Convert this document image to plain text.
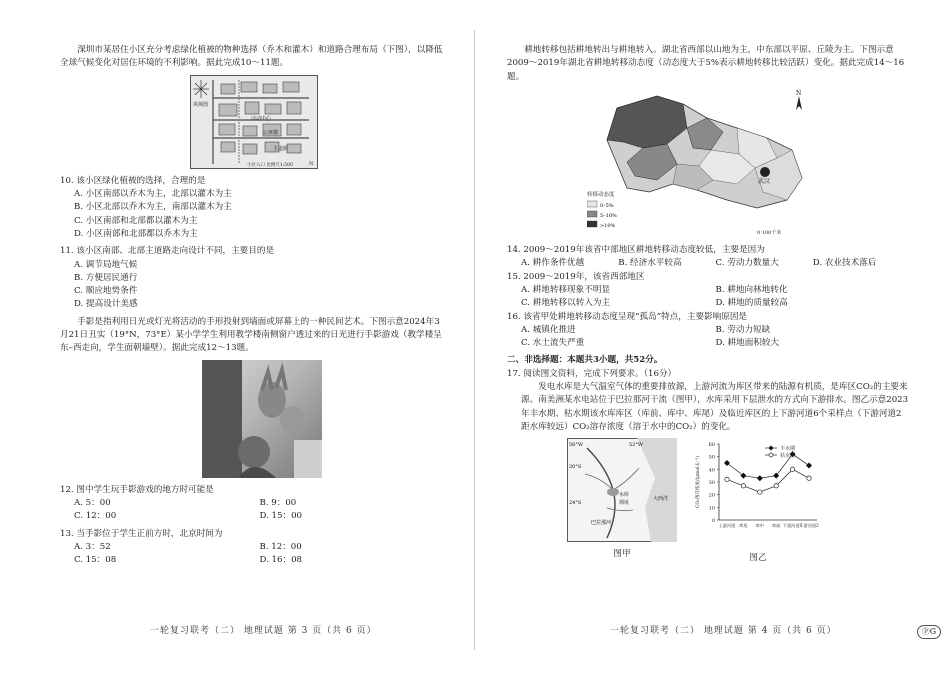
深圳市某居住小区充分考虑绿化植被的物种选择（乔木和灌木）和道路合理布局（下图），以降低全球气候变化对居住环境的不利影响。据此完成10～11题。

风频图
活动中心
公寓楼
主道路
小区入口 比例尺1:500	N

10. 该小区绿化植被的选择，合理的是

A. 小区南部以乔木为主，北部以灌木为主

B. 小区北部以乔木为主，南部以灌木为主

C. 小区南部和北部都以灌木为主

D. 小区南部和北部都以乔木为主

11. 该小区南部、北部主道路走向设计不同，主要目的是

A. 调节局地气候

B. 方便居民通行

C. 顺应地势条件

D. 提高设计美感

手影是指利用日光或灯光将活动的手形投射到墙面或屏幕上的一种民间艺术。下图示意2024年3月21日丑实（19°N，73°E）某小学学生利用教学楼南侧窗户透过来的日光进行手影游戏（教学楼呈东–西走向，学生面朝墙壁）。据此完成12～13题。

12. 图中学生玩手影游戏的地方时可能是

A. 5：00	B. 9：00

C. 12：00	D. 15：00

13. 当手影位于学生正前方时，北京时间为

A. 3：52	B. 12：00

C. 15：08	D. 16：08

一轮复习联考（二） 地理试题 第 3 页（共 6 页）

耕地转移包括耕地转出与耕地转入。湖北省西部以山地为主，中东部以平原、丘陵为主。下图示意2009～2019年湖北省耕地转移动态度（动态度大于5%表示耕地转移比较活跃）变化。据此完成14～16题。

武汉
N
0 100千米
转移动态度
0–5%
5–10%
>10%

14. 2009～2019年该省中部地区耕地转移动态度较低，主要是因为

A. 耕作条件优越	B. 经济水平较高	C. 劳动力数量大	D. 农业技术落后

15. 2009～2019年，该省西部地区

A. 耕地转移现象不明显	B. 耕地向林地转化

C. 耕地转移以转入为主	D. 耕地的质量较高

16. 该省甲处耕地转移动态度呈现“孤岛”特点，主要影响原因是

A. 城镇化推进	B. 劳动力短缺

C. 水土流失严重	D. 耕地面积较大

二、非选择题：本题共3小题，共52分。

17. 阅读图文资料，完成下列要求。（16分）

发电水库是大气温室气体的重要排放源，上游河流为库区带来的陆源有机质，是库区CO₂的主要来源。南美洲某水电站位于巴拉那河干流（图甲），水库采用下层泄水的方式向下游排水。图乙示意2023年丰水期、枯水期该水库库区（库前、库中、库尾）及临近库区的上下游河道6个采样点（下游河道2距水库较远）CO₂溶存浓度（溶于水中的CO₂）的变化。

56°W	52°W
20°S
24°S
巴拉那河
水库
坝址
大西洋

图甲

0
10
20
30
40
50
60
上游河道 库尾 库中 库前 下游河道1
下游河道2
CO₂溶存浓度/(μmol·L⁻¹)
丰水期
枯水期

图乙

一轮复习联考（二） 地理试题 第 4 页（共 6 页）	ⓅG
